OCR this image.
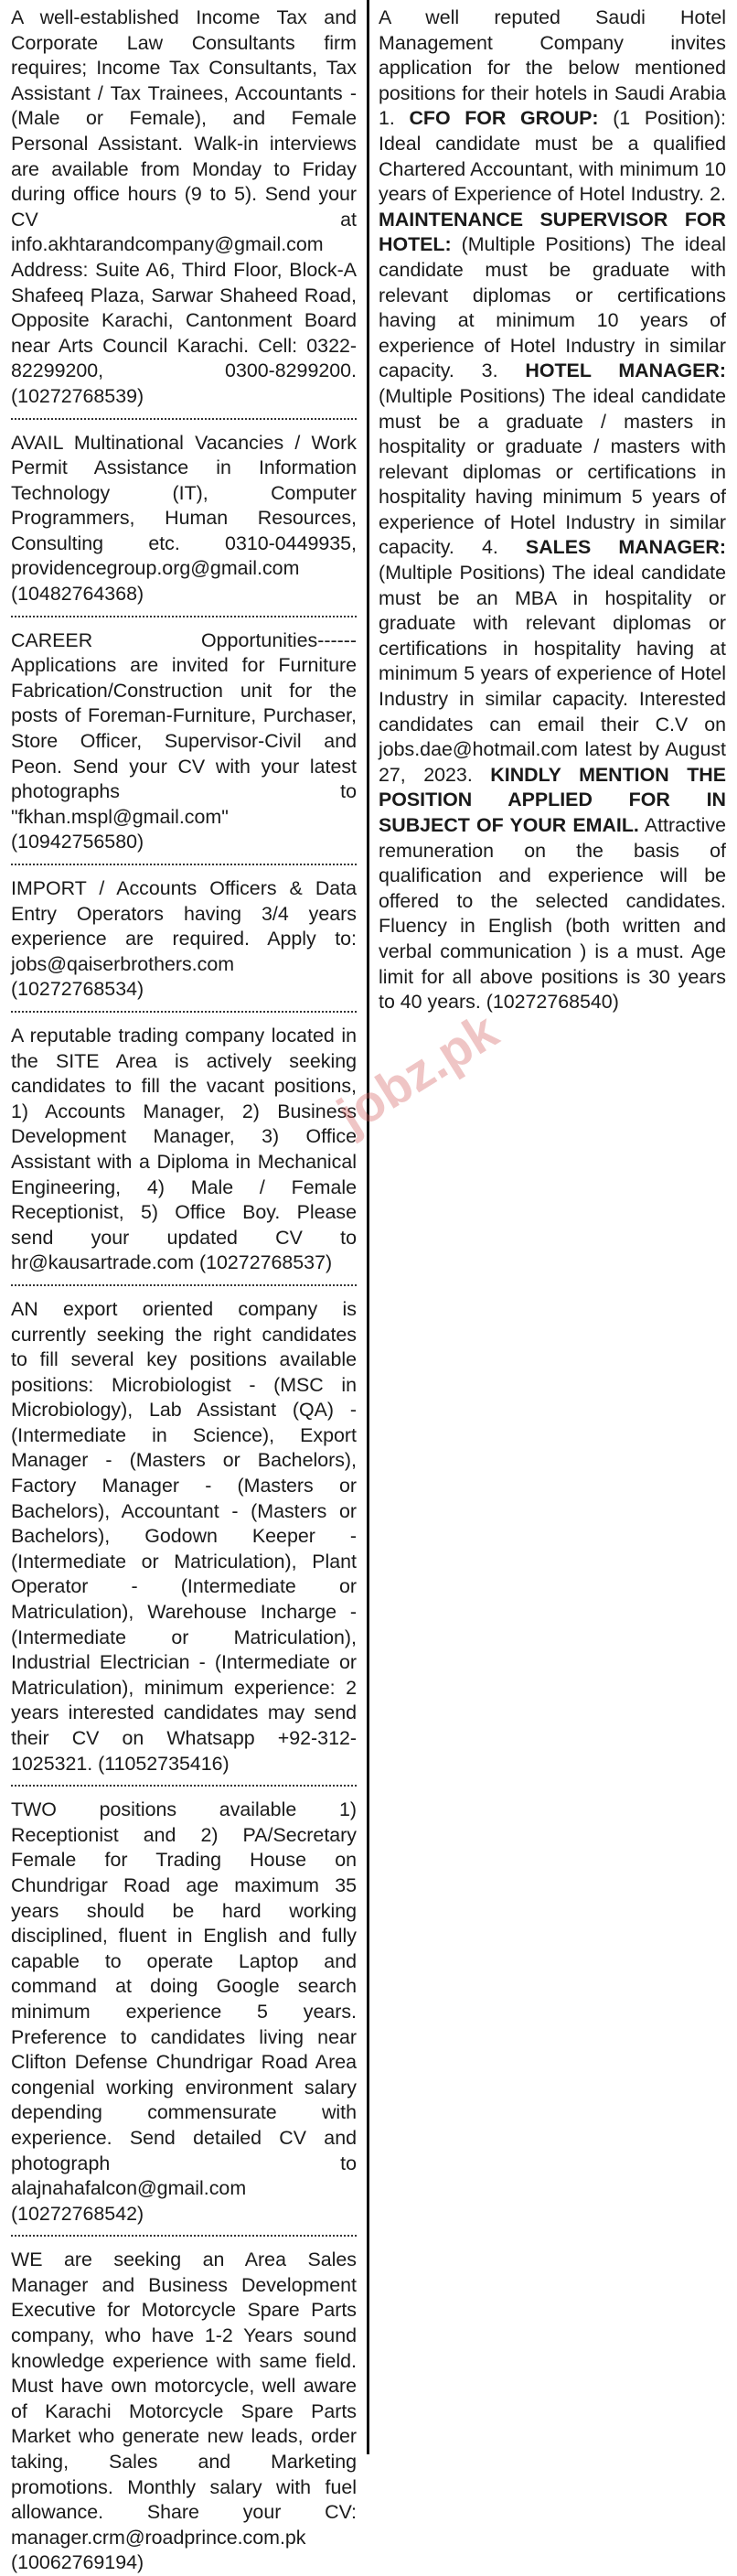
A well-established Income Tax and Corporate Law Consultants firm requires; Income Tax Consultants, Tax Assistant / Tax Trainees, Accountants - (Male or Female), and Female Personal Assistant. Walk-in interviews are available from Monday to Friday during office hours (9 to 5). Send your CV at info.akhtarandcompany@gmail.com Address: Suite A6, Third Floor, Block-A Shafeeq Plaza, Sarwar Shaheed Road, Opposite Karachi, Cantonment Board near Arts Council Karachi. Cell: 0322-82299200, 0300-8299200. (10272768539)
AVAIL Multinational Vacancies / Work Permit Assistance in Information Technology (IT), Computer Programmers, Human Resources, Consulting etc. 0310-0449935, providencegroup.org@gmail.com (10482764368)
CAREER Opportunities------Applications are invited for Furniture Fabrication/Construction unit for the posts of Foreman-Furniture, Purchaser, Store Officer, Supervisor-Civil and Peon. Send your CV with your latest photographs to "fkhan.mspl@gmail.com" (10942756580)
IMPORT / Accounts Officers & Data Entry Operators having 3/4 years experience are required. Apply to: jobs@qaiserbrothers.com (10272768534)
A reputable trading company located in the SITE Area is actively seeking candidates to fill the vacant positions, 1) Accounts Manager, 2) Business Development Manager, 3) Office Assistant with a Diploma in Mechanical Engineering, 4) Male / Female Receptionist, 5) Office Boy. Please send your updated CV to hr@kausartrade.com (10272768537)
AN export oriented company is currently seeking the right candidates to fill several key positions available positions: Microbiologist - (MSC in Microbiology), Lab Assistant (QA) - (Intermediate in Science), Export Manager - (Masters or Bachelors), Factory Manager - (Masters or Bachelors), Accountant - (Masters or Bachelors), Godown Keeper - (Intermediate or Matriculation), Plant Operator - (Intermediate or Matriculation), Warehouse Incharge - (Intermediate or Matriculation), Industrial Electrician - (Intermediate or Matriculation), minimum experience: 2 years interested candidates may send their CV on Whatsapp +92-312-1025321. (11052735416)
TWO positions available 1) Receptionist and 2) PA/Secretary Female for Trading House on Chundrigar Road age maximum 35 years should be hard working disciplined, fluent in English and fully capable to operate Laptop and command at doing Google search minimum experience 5 years. Preference to candidates living near Clifton Defense Chundrigar Road Area congenial working environment salary depending commensurate with experience. Send detailed CV and photograph to alajnahafalcon@gmail.com (10272768542)
WE are seeking an Area Sales Manager and Business Development Executive for Motorcycle Spare Parts company, who have 1-2 Years sound knowledge experience with same field. Must have own motorcycle, well aware of Karachi Motorcycle Spare Parts Market who generate new leads, order taking, Sales and Marketing promotions. Monthly salary with fuel allowance. Share your CV: manager.crm@roadprince.com.pk (10062769194)
A well reputed Saudi Hotel Management Company invites application for the below mentioned positions for their hotels in Saudi Arabia 1. CFO FOR GROUP: (1 Position): Ideal candidate must be a qualified Chartered Accountant, with minimum 10 years of Experience of Hotel Industry. 2. MAINTENANCE SUPERVISOR FOR HOTEL: (Multiple Positions) The ideal candidate must be graduate with relevant diplomas or certifications having at minimum 10 years of experience of Hotel Industry in similar capacity. 3. HOTEL MANAGER: (Multiple Positions) The ideal candidate must be a graduate / masters in hospitality or graduate / masters with relevant diplomas or certifications in hospitality having minimum 5 years of experience of Hotel Industry in similar capacity. 4. SALES MANAGER: (Multiple Positions) The ideal candidate must be an MBA in hospitality or graduate with relevant diplomas or certifications in hospitality having at minimum 5 years of experience of Hotel Industry in similar capacity. Interested candidates can email their C.V on jobs.dae@hotmail.com latest by August 27, 2023. KINDLY MENTION THE POSITION APPLIED FOR IN SUBJECT OF YOUR EMAIL. Attractive remuneration on the basis of qualification and experience will be offered to the selected candidates. Fluency in English (both written and verbal communication ) is a must. Age limit for all above positions is 30 years to 40 years. (10272768540)
jobz.pk
